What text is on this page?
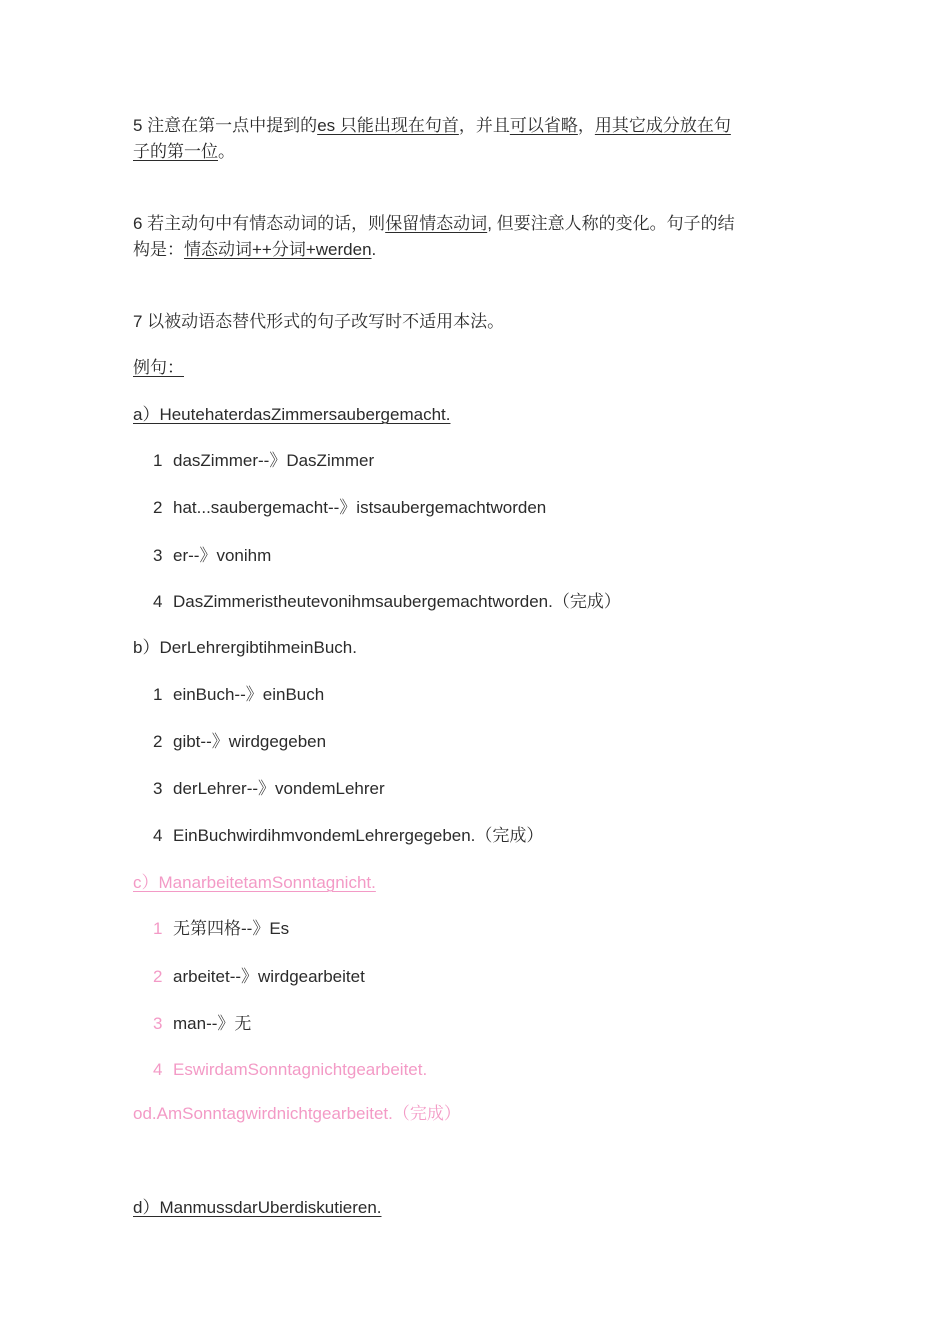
5 注意在第一点中提到的es 只能出现在句首，并且可以省略，用其它成分放在句
子的第一位。
6 若主动句中有情态动词的话，则保留情态动词, 但要注意人称的变化。句子的结
构是：情态动词++分词+werden.
7 以被动语态替代形式的句子改写时不适用本法。
例句：
a）HeutehaterdasZimmersaubergemacht.
1 dasZimmer--》DasZimmer
2 hat...saubergemacht--》istsaubergemachtworden
3 er--》vonihm
4 DasZimmeristheutevonihmsaubergemachtworden.（完成）
b）DerLehrergibtihmeinBuch.
1 einBuch--》einBuch
2 gibt--》wirdgegeben
3 derLehrer--》vondemLehrer
4 EinBuchwirdihmvondemLehrergegeben.（完成）
c）ManarbeitetamSonntagnicht.
1 无第四格--》Es
2 arbeitet--》wirdgearbeitet
3 man--》无
4 EswirdamSonntagnichtgearbeitet.
od.AmSonntagwirdnichtgearbeitet.（完成）
d）ManmussdarUberdiskutieren.
